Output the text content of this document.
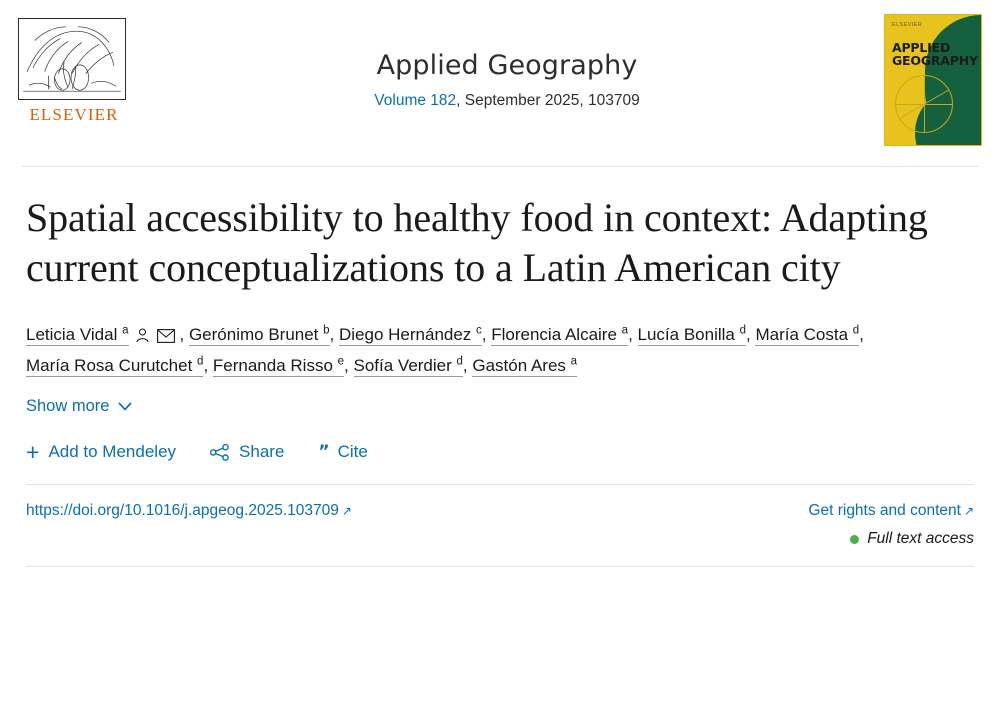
ELSEVIER
Applied Geography
Volume 182, September 2025, 103709
ELSEVIER
APPLIED
GEOGRAPHY
Spatial accessibility to healthy food in context: Adapting current conceptualizations to a Latin American city
Leticia Vidal $^a$	, Gerónimo Brunet $^b$, Diego Hernández $^c$, Florencia Alcaire $^a$, Lucía Bonilla $^d$, María Costa $^d$, María Rosa Curutchet $^d$, Fernanda Risso $^e$, Sofía Verdier $^d$, Gastón Ares $^a$
Show more
+ Add to Mendeley	Share ” Cite
https://doi.org/10.1016/j.apgeog.2025.103709 ↗	Get rights and content ↗
Full text access
